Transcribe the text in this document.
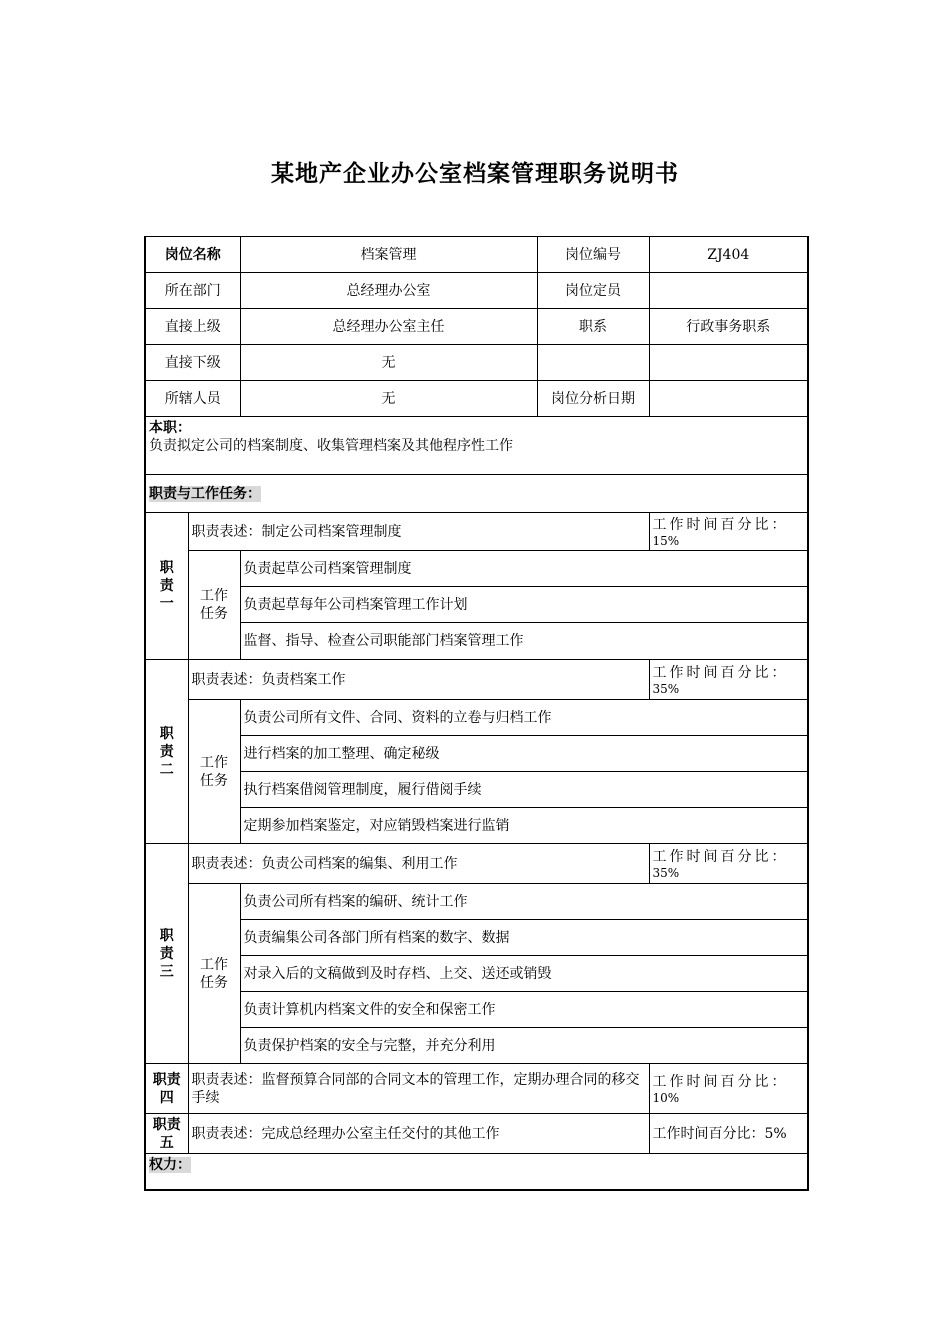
某地产企业办公室档案管理职务说明书
岗位名称		档案管理	岗位编号	ZJ404
所在部门		总经理办公室	岗位定员	
直接上级		总经理办公室主任	职系	行政事务职系
直接下级		无		
所辖人员		无	岗位分析日期	

本职：
负责拟定公司的档案制度、收集管理档案及其他程序性工作				

职责与工作任务：				
职责一	职责表述：制定公司档案管理制度			工作时间百分比：
15%

	工作任务	负责起草公司档案管理制度		
		负责起草每年公司档案管理工作计划		
		监督、指导、检查公司职能部门档案管理工作		
职责二	职责表述：负责档案工作			工作时间百分比：
35%

	工作任务	负责公司所有文件、合同、资料的立卷与归档工作		
		进行档案的加工整理、确定秘级		
		执行档案借阅管理制度，履行借阅手续		
		定期参加档案鉴定，对应销毁档案进行监销		
职责三	职责表述：负责公司档案的编集、利用工作			工作时间百分比：
35%

	工作任务	负责公司所有档案的编研、统计工作		
		负责编集公司各部门所有档案的数字、数据		
		对录入后的文稿做到及时存档、上交、送还或销毁		
		负责计算机内档案文件的安全和保密工作		
		负责保护档案的安全与完整，并充分利用		
职责四	职责表述：监督预算合同部的合同文本的管理工作，定期办理合同的移交手续			工作时间百分比：
10%

职责五	职责表述：完成总经理办公室主任交付的其他工作			工作时间百分比：5%
权力：				
